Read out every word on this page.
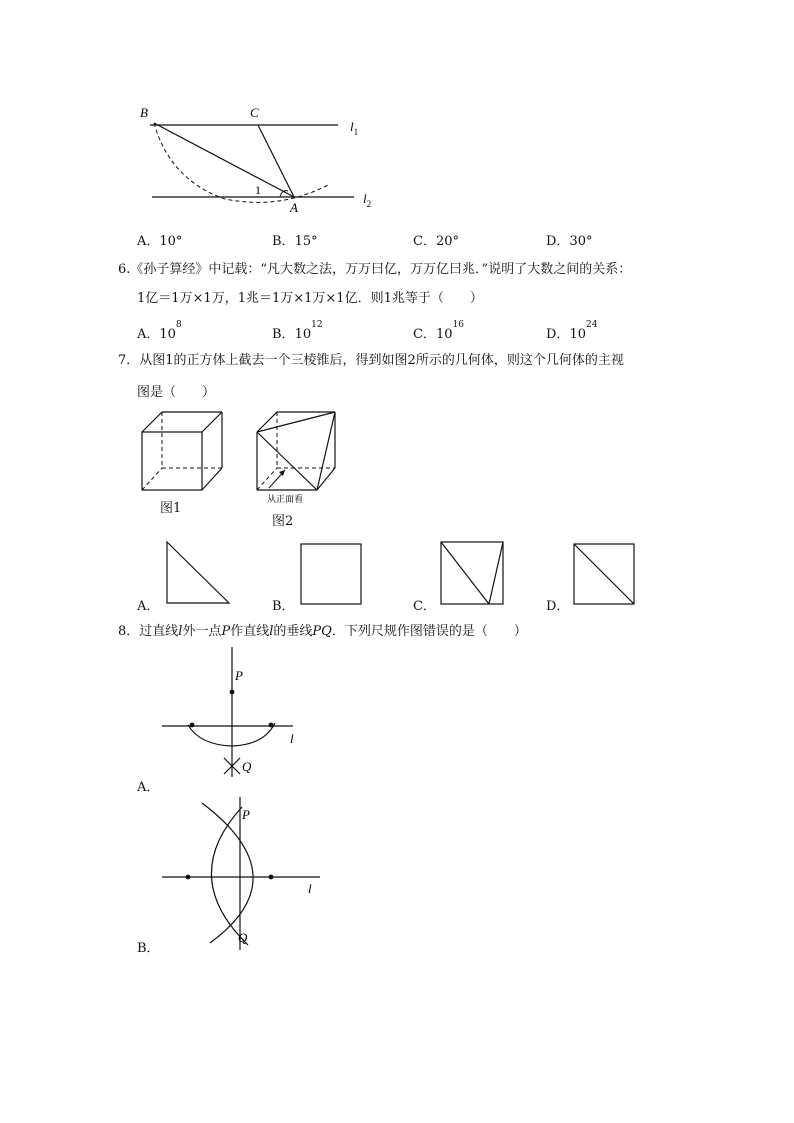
B	C
$l_1$
1
A
$l_2$
A．10°	B．15°	C．20°	D．30°
6.《孙子算经》中记载：“凡大数之法，万万曰亿，万万亿曰兆．”说明了大数之间的关系：
1亿＝1万×1万，1兆＝1万×1万×1亿．则1兆等于（　　）
A．$10^8$
B．$10^{12}$
C．$10^{16}$
D．$10^{24}$
7．从图1的正方体上截去一个三棱锥后，得到如图2所示的几何体，则这个几何体的主视
图是（　　）
图1
从正面看
图2
A．	B．	C．	D．
8．过直线l外一点P作直线l的垂线PQ．下列尺规作图错误的是（　　）
P
l
Q
A．
P
l
Q
B．
